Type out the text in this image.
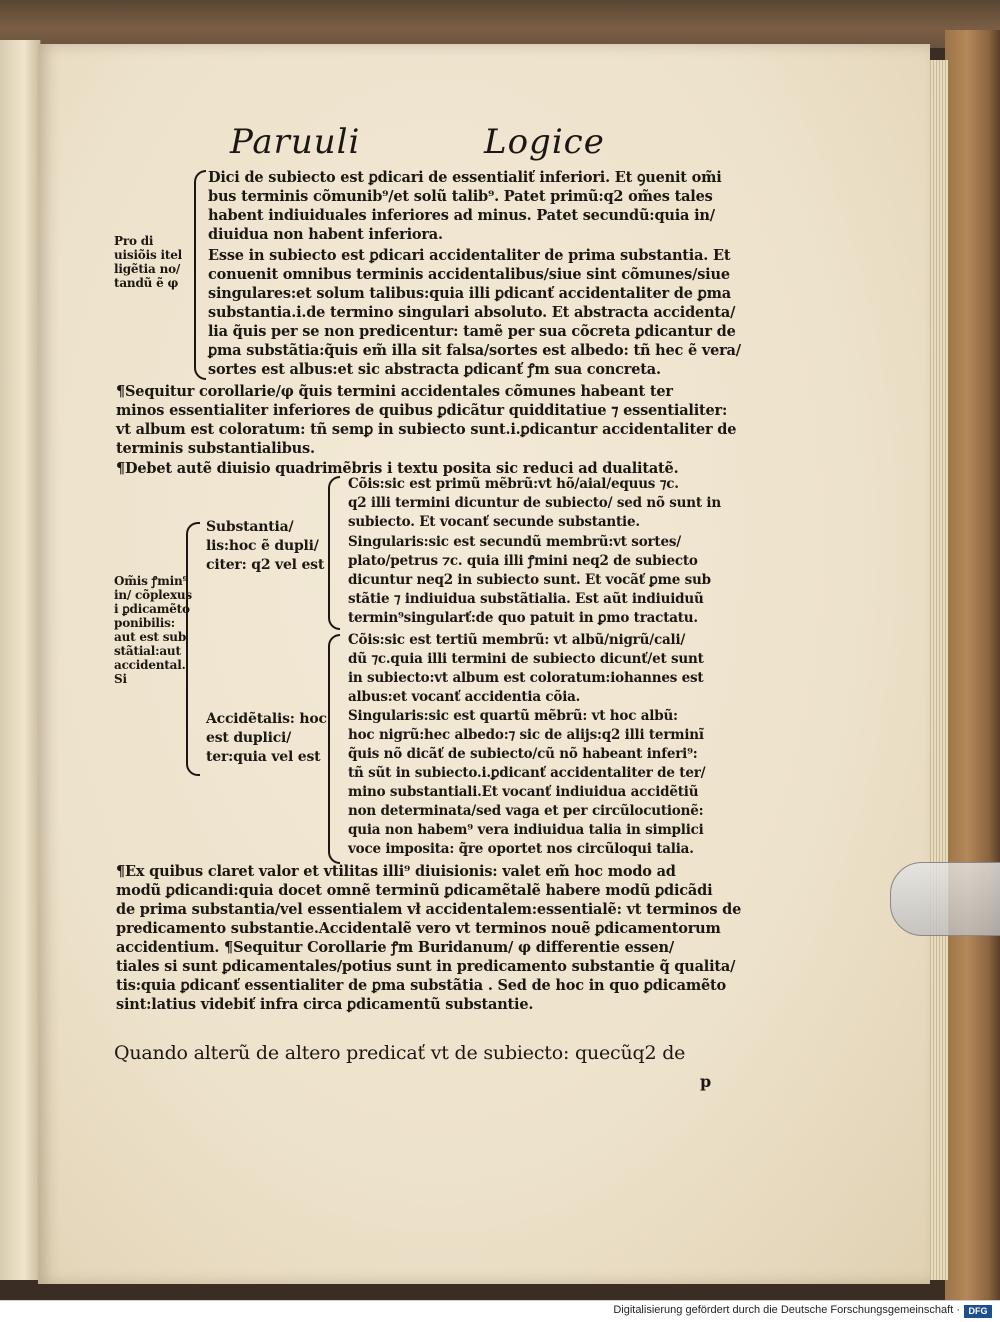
Paruuli	Logice
Pro di uisiõis itel ligẽtia no/ tandũ ẽ φ
Dici de subiecto est ꝑdicari de essentialiť inferiori. Et ꝯuenit om̃i
bus terminis cõmunib⁹/et solũ talib⁹. Patet primũ:q2 om̃es tales
habent indiuiduales inferiores ad minus. Patet secundũ:quia in/
diuidua non habent inferiora.
Esse in subiecto est ꝑdicari accidentaliter de prima substantia. Et
conuenit omnibus terminis accidentalibus/siue sint cõmunes/siue
singulares:et solum talibus:quia illi ꝑdicanť accidentaliter de ꝑma
substantia.i.de termino singulari absoluto. Et abstracta accidenta/
lia q̃uis per se non predicentur: tamẽ per sua cõcreta ꝑdicantur de
ꝑma substãtia:q̃uis em̃ illa sit falsa/sortes est albedo: tñ hec ẽ vera/
sortes est albus:et sic abstracta ꝑdicanť ꝭm sua concreta.
¶Sequitur corollarie/φ q̃uis termini accidentales cõmunes habeant ter
minos essentialiter inferiores de quibus ꝑdicãtur quidditatiue ⁊ essentialiter:
vt album est coloratum: tñ semꝑ in subiecto sunt.i.ꝑdicantur accidentaliter de
terminis substantialibus.
¶Debet autẽ diuisio quadrimẽbris i textu posita sic reduci ad dualitatẽ.
Om̃is ꝭmin⁹ in/ cõplexus i ꝑdicamẽto ponibilis: aut est sub stãtial:aut accidental. Si
Substantia/ lis:hoc ẽ dupli/ citer: q2 vel est
Accidẽtalis: hoc est duplici/ ter:quia vel est
Cõis:sic est primũ mẽbrũ:vt hõ/aial/equus ⁊c.
q2 illi termini dicuntur de subiecto/ sed nõ sunt in
subiecto. Et vocanť secunde substantie.
Singularis:sic est secundũ membrũ:vt sortes/
plato/petrus ⁊c. quia illi ꝭmini neq2 de subiecto
dicuntur neq2 in subiecto sunt. Et vocãť ꝑme sub
stãtie ⁊ indiuidua substãtialia. Est aũt indiuiduũ
termin⁹singularť:de quo patuit in ꝑmo tractatu.
Cõis:sic est tertiũ membrũ: vt albũ/nigrũ/cali/
dũ ⁊c.quia illi termini de subiecto dicunť/et sunt
in subiecto:vt album est coloratum:iohannes est
albus:et vocanť accidentia cõia.
Singularis:sic est quartũ mẽbrũ: vt hoc albũ:
hoc nigrũ:hec albedo:⁊ sic de alijs:q2 illi terminĩ
q̃uis nõ dicãť de subiecto/cũ nõ habeant inferi⁹:
tñ sũt in subiecto.i.ꝑdicanť accidentaliter de ter/
mino substantiali.Et vocanť indiuidua accidẽtiũ
non determinata/sed vaga et per circũlocutionẽ:
quia non habem⁹ vera indiuidua talia in simplici
voce imposita: q̃re oportet nos circũloqui talia.
¶Ex quibus claret valor et vtilitas illi⁹ diuisionis: valet em̃ hoc modo ad
modũ ꝑdicandi:quia docet omnẽ terminũ ꝑdicamẽtalẽ habere modũ ꝑdicãdi
de prima substantia/vel essentialem vł accidentalem:essentialẽ: vt terminos de
predicamento substantie.Accidentalẽ vero vt terminos nouẽ ꝑdicamentorum
accidentium. ¶Sequitur Corollarie ꝭm Buridanum/ φ differentie essen/
tiales si sunt ꝑdicamentales/potius sunt in predicamento substantie q̃ qualita/
tis:quia ꝑdicanť essentialiter de ꝑma substãtia . Sed de hoc in quo ꝑdicamẽto
sint:latius videbiť infra circa ꝑdicamentũ substantie.
Quando alterũ de altero predicať vt de subiecto: quecũq2 de
p
Digitalisierung gefördert durch die Deutsche Forschungsgemeinschaft · DFG
